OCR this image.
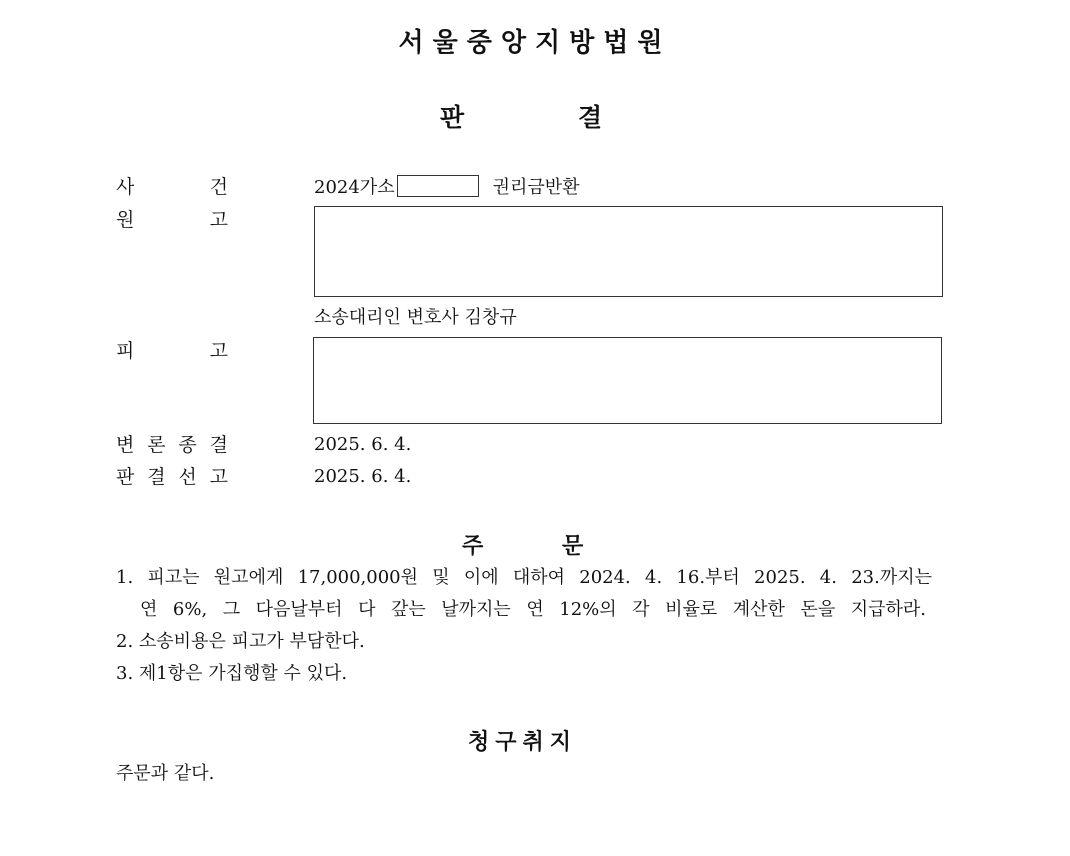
서울중앙지방법원
판	결
사	건	2024가소	권리금반환
원	고
소송대리인 변호사 김창규
피	고
변 론 종 결	2025. 6. 4.
판 결 선 고	2025. 6. 4.
주	문
1. 피고는 원고에게 17,000,000원 및 이에 대하여 2024. 4. 16.부터 2025. 4. 23.까지는
연 6%, 그 다음날부터 다 갚는 날까지는 연 12%의 각 비율로 계산한 돈을 지급하라.
2. 소송비용은 피고가 부담한다.
3. 제1항은 가집행할 수 있다.
청구취지
주문과 같다.
